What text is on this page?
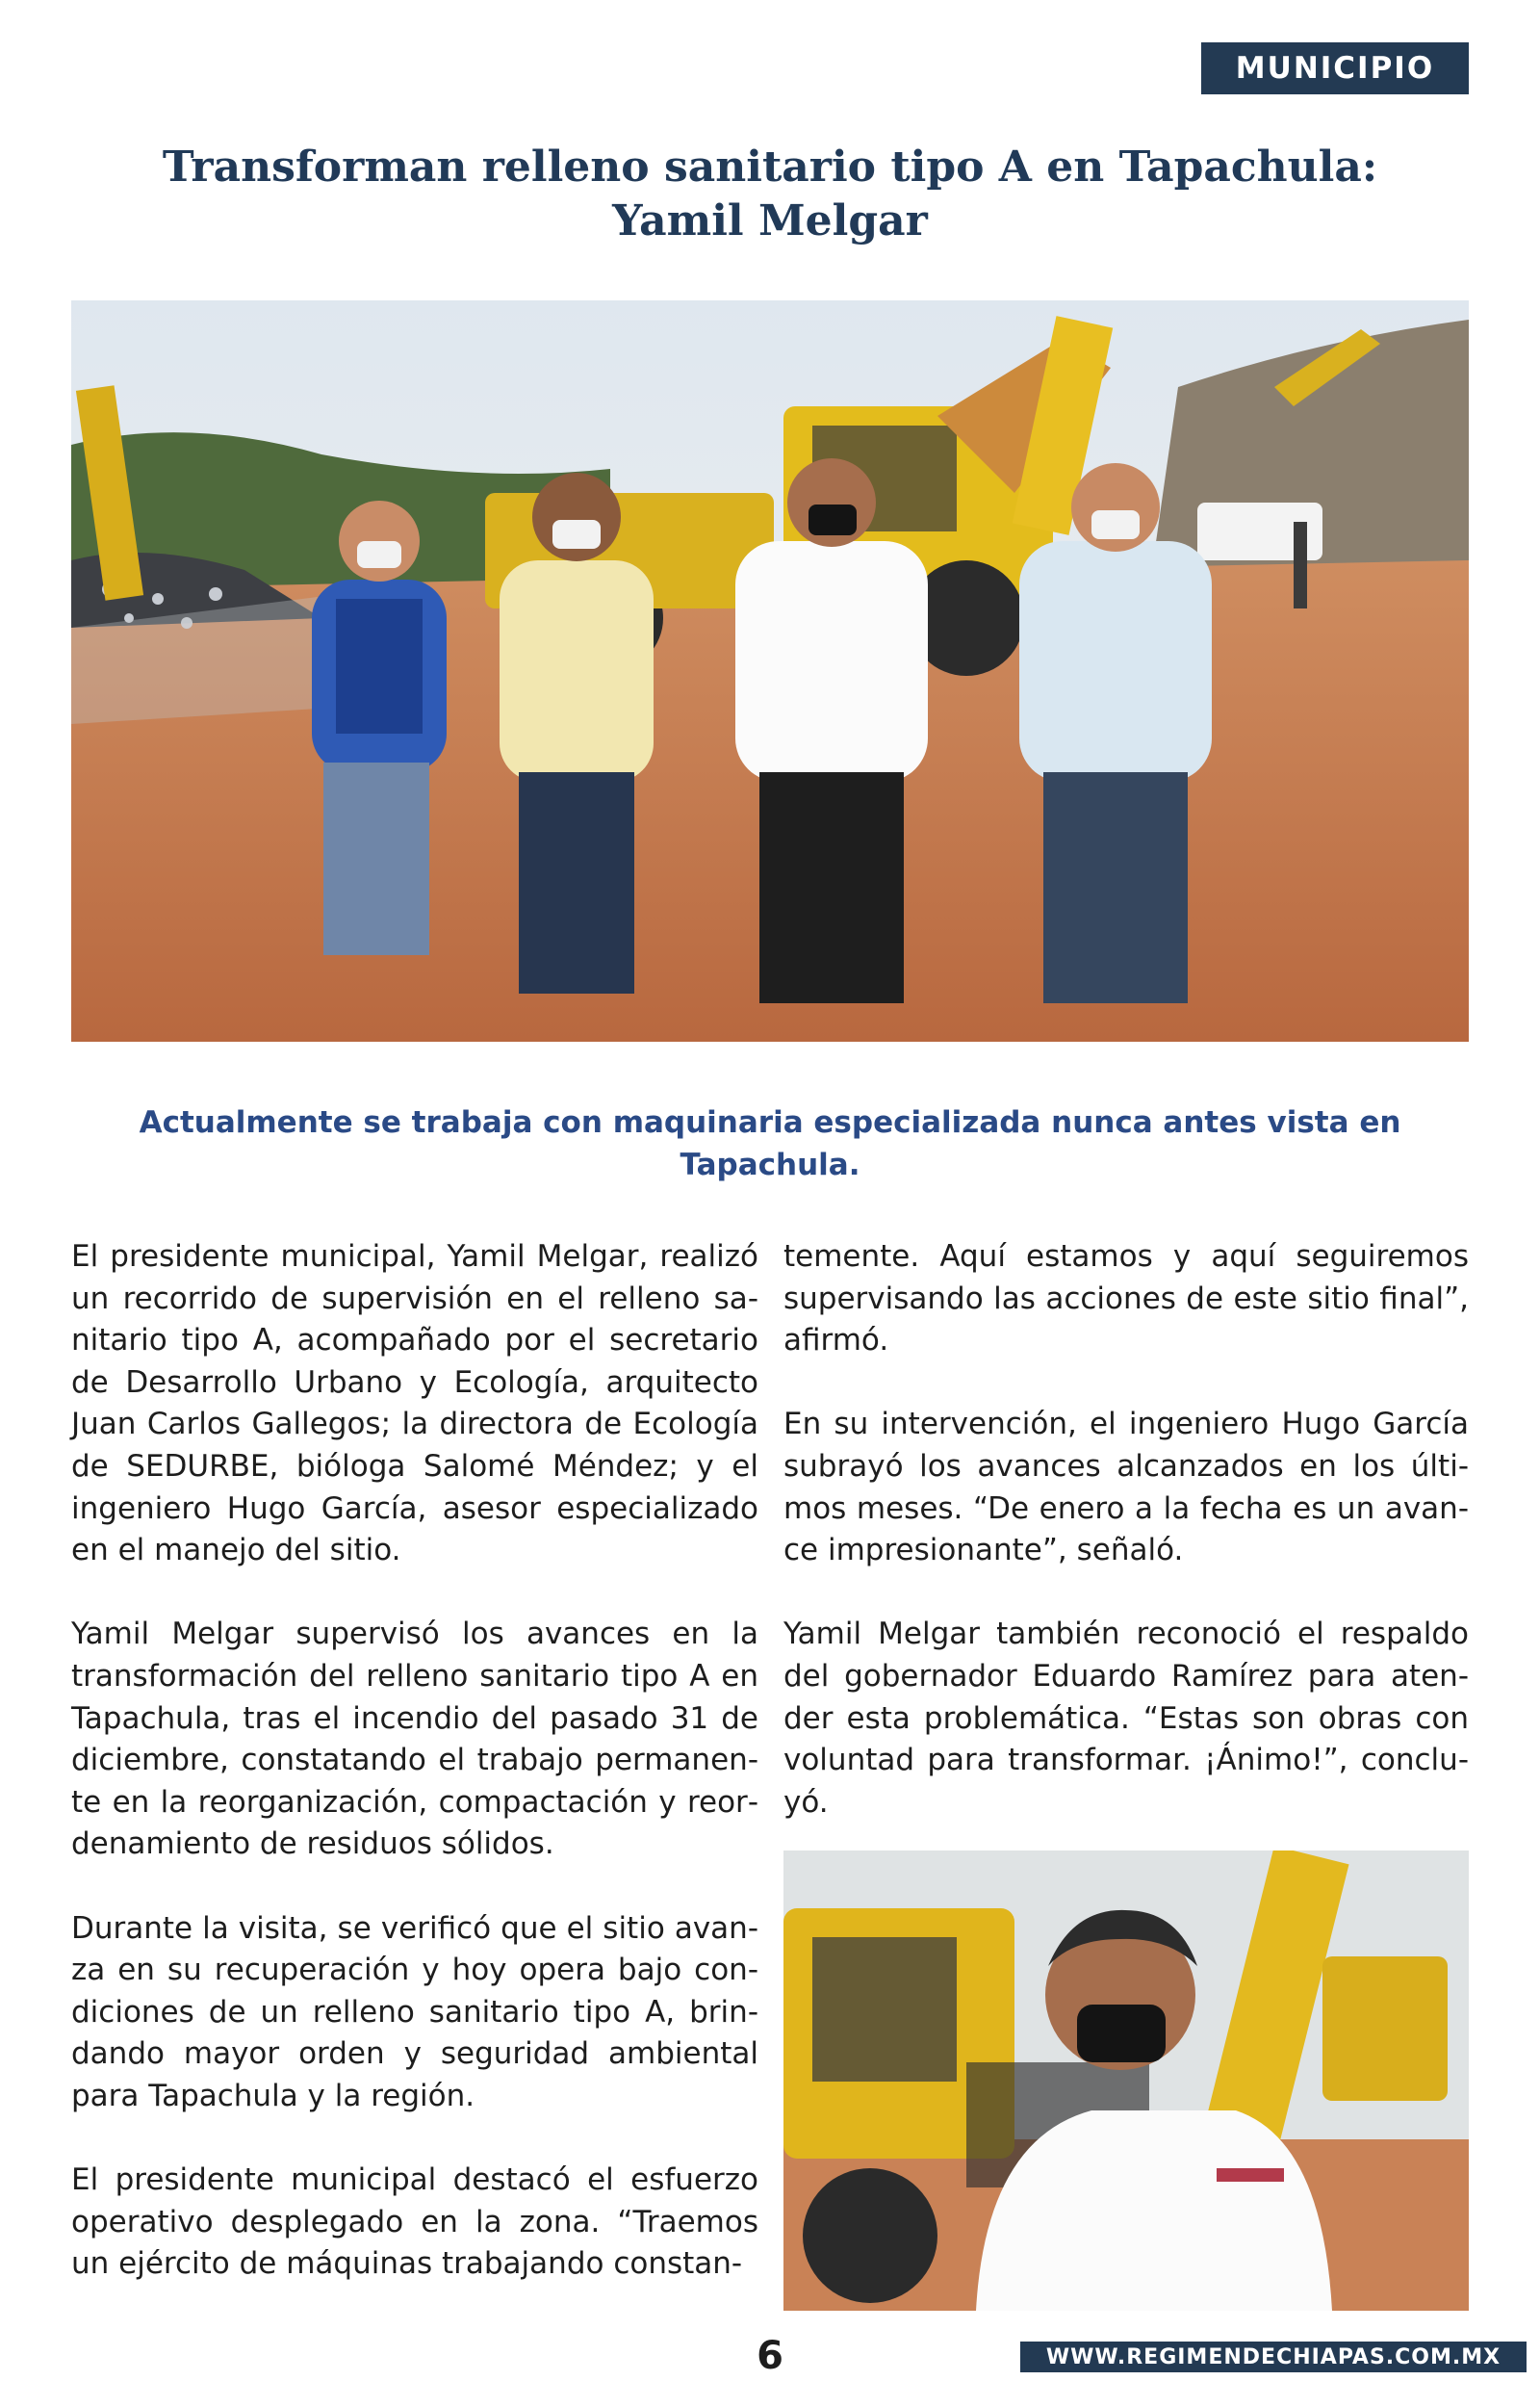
MUNICIPIO
Transforman relleno sanitario tipo A en Tapachula:
Yamil Melgar

Actualmente se trabaja con maquinaria especializada nunca antes vista en Tapachula.

El presidente municipal, Yamil Melgar, realizó un recorrido de supervisión en el relleno sanitario tipo A, acompañado por el secretario de Desarrollo Urbano y Ecología, arquitecto Juan Carlos Gallegos; la directora de Ecología de SEDURBE, bióloga Salomé Méndez; y el ingeniero Hugo García, asesor especializado en el manejo del sitio.

Yamil Melgar supervisó los avances en la transformación del relleno sanitario tipo A en Tapachula, tras el incendio del pasado 31 de diciembre, constatando el trabajo permanente en la reorganización, compactación y reordenamiento de residuos sólidos.

Durante la visita, se verificó que el sitio avanza en su recuperación y hoy opera bajo condiciones de un relleno sanitario tipo A, brindando mayor orden y seguridad ambiental para Tapachula y la región.

El presidente municipal destacó el esfuerzo operativo desplegado en la zona. “Traemos un ejército de máquinas trabajando constan-

temente. Aquí estamos y aquí seguiremos supervisando las acciones de este sitio final”, afirmó.

En su intervención, el ingeniero Hugo García subrayó los avances alcanzados en los últimos meses. “De enero a la fecha es un avance impresionante”, señaló.

Yamil Melgar también reconoció el respaldo del gobernador Eduardo Ramírez para atender esta problemática. “Estas son obras con voluntad para transformar. ¡Ánimo!”, concluyó.

6	WWW.REGIMENDECHIAPAS.COM.MX
